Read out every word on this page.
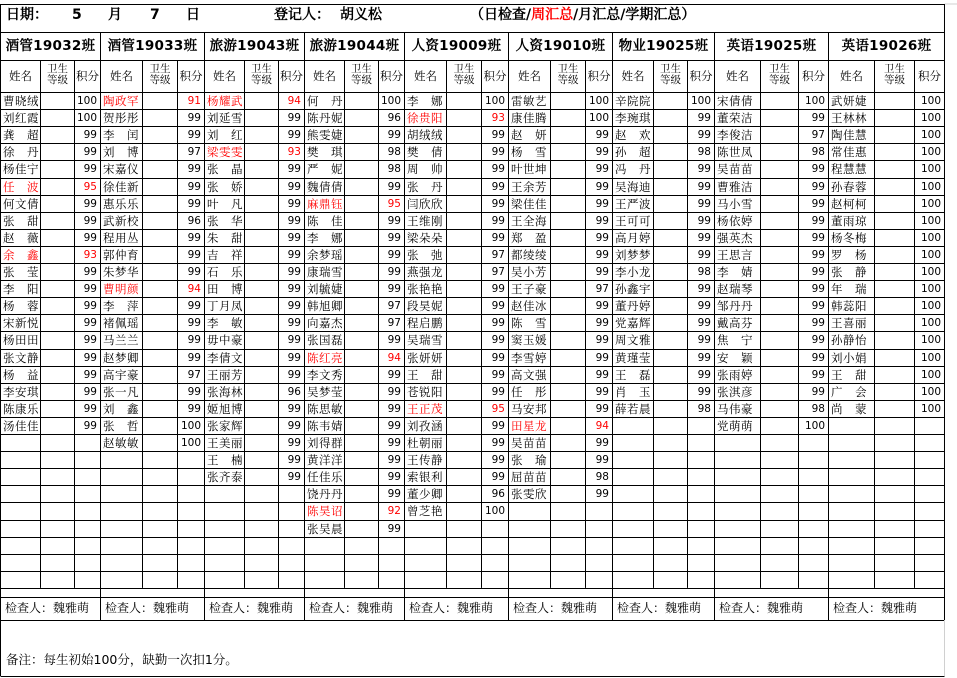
日期： 5 月 7 日	登记人： 胡义松	（日检查/周汇总/月汇总/学期汇总）
酒管19032班
姓名	卫生
等级 积分
曹晓绒	100
刘红霞	100
龚　超	99
徐　丹	99
杨佳宁	99
任　波	95
何文倩	99
张　甜	99
赵　薇	99
余　鑫	93
张　莹	99
李　阳	99
杨　蓉	99
宋新悦	99
杨田田	99
张文静	99
杨　益	99
李安琪	99
陈康乐	99
汤佳佳	99
酒管19033班
姓名	卫生
等级 积分
陶政罕	91
贺彤彤	99
李　闰	99
刘　博	97
宋嘉仪	99
徐佳新	99
惠乐乐	99
武新校	96
程用丛	99
郭仲育	99
朱梦华	99
曹明颜	94
李　萍	99
褚佩瑶	99
马兰兰	99
赵梦卿	99
高宇豪	97
张一凡	99
刘　鑫	99
张　哲	100
赵敏敏	100
旅游19043班
姓名	卫生
等级 积分
杨耀武	94
刘延雪	99
刘　红	99
梁雯雯	93
张　晶	99
张　娇	99
叶　凡	99
张　华	99
朱　甜	99
吉　祥	99
石　乐	99
田　博	99
丁月凤	99
李　敏	99
毋中豪	99
李倩文	99
王丽芳	99
张海林	96
姬旭博	99
张家辉	99
王美丽	99
王　楠	99
张齐泰	99
旅游19044班
姓名	卫生
等级 积分
何　丹	100
陈丹妮	96
熊雯婕	99
樊　琪	98
严　妮	98
魏倩倩	99
麻鼎钰	95
陈　佳	99
李　娜	99
余梦瑶	99
康瑞雪	99
刘毓婕	99
韩旭卿	97
向嘉杰	97
张国磊	99
陈红亮	94
李文秀	99
吴梦莹	99
陈思敏	99
陈韦婧	99
刘得群	99
黄洋洋	99
任佳乐	99
饶丹丹	99
陈昊诏	92
张吴晨	99
人资19009班
姓名	卫生
等级 积分
李　娜	100
徐贵阳	93
胡绒绒	99
樊　倩	99
周　帅	99
张　丹	99
闫欣欣	99
王维刚	99
梁朵朵	99
张　弛	97
燕强龙	97
张艳艳	99
段昊妮	99
程启鹏	99
吴瑞雪	99
张妍妍	99
王　甜	99
苍锐阳	99
王正茂	95
刘孜涵	99
杜朝丽	99
王传静	99
索银利	99
董少卿	96
曾芝艳	100
人资19010班
姓名	卫生
等级 积分
雷敏艺	100
康佳腾	100
赵　妍	99
杨　雪	99
叶世坤	99
王余芳	99
梁佳佳	99
王全海	99
郑　盈	99
都绫绫	99
吴小芳	99
王子豪	97
赵佳冰	99
陈　雪	99
窦玉媛	99
李雪婷	99
高文强	99
任　彤	99
马安邦	99
田星龙	94
吴苗苗	99
张　瑜	99
屈苗苗	98
张雯欣	99
物业19025班
姓名	卫生
等级 积分
辛院院	100
李琬琪	99
赵　欢	99
孙　超	98
冯　丹	99
吴海迪	99
王严波	99
王可可	99
高月婷	99
刘梦梦	99
李小龙	98
孙鑫宇	99
董丹婷	99
党嘉辉	99
周文雅	99
黄瑾莹	99
王　磊	99
肖　玉	99
薛若晨	98
英语19025班
姓名	卫生
等级	积分
宋倩倩	100
董荣洁	99
李俊洁	97
陈世凤	98
吴苗苗	99
曹雅洁	99
马小雪	99
杨依婷	99
强英杰	99
王思言	99
李　婧	99
赵瑞琴	99
邹丹丹	99
戴高芬	99
焦　宁	99
安　颖	99
张雨婷	99
张淇彦	99
马伟豪	98
党萌萌	100
英语19026班
姓名	卫生
等级	积分
武妍婕	100
王林林	100
陶佳慧	100
常佳惠	100
程慧慧	100
孙春蓉	100
赵柯柯	100
董雨琼	100
杨冬梅	100
罗　杨	100
张　静	100
年　瑞	100
韩蕊阳	100
王喜丽	100
孙静怡	100
刘小娟	100
王　甜	100
广　会	100
尚　蒙	100
检查人：魏雅萌 检查人：魏雅萌 检查人：魏雅萌 检查人：魏雅萌 检查人：魏雅萌 检查人：魏雅萌 检查人：魏雅萌 检查人：魏雅萌 检查人：魏雅萌
备注：每生初始100分，缺勤一次扣1分。
